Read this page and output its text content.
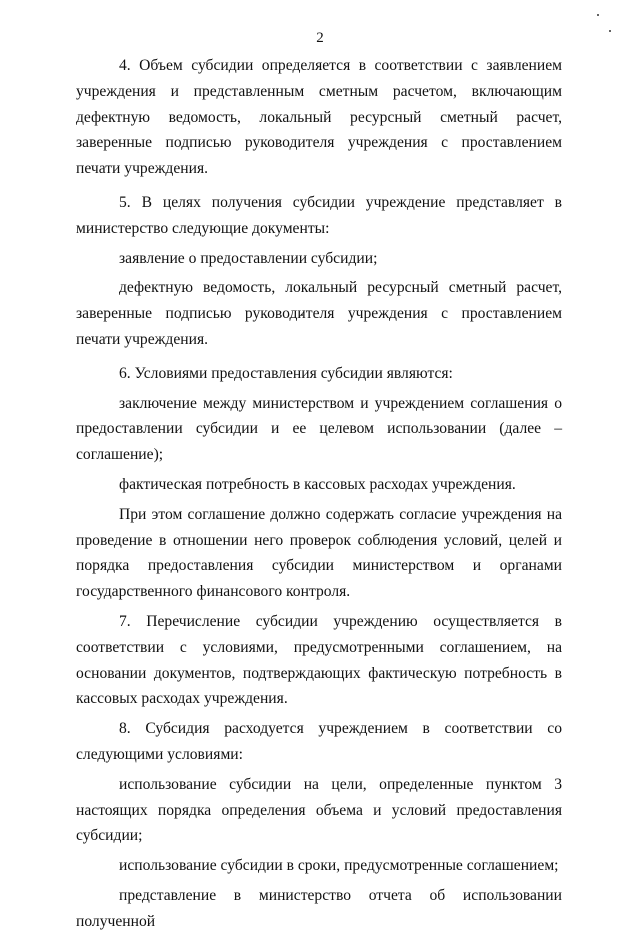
2

4. Объем субсидии определяется в соответствии с заявлением учреждения и представленным сметным расчетом, включающим дефектную ведомость, локальный ресурсный сметный расчет, заверенные подписью руководителя учреждения с проставлением печати учреждения.

5. В целях получения субсидии учреждение представляет в министерство следующие документы:

заявление о предоставлении субсидии;

дефектную ведомость, локальный ресурсный сметный расчет, заверенные подписью руководителя учреждения с проставлением печати учреждения.

6. Условиями предоставления субсидии являются:

заключение между министерством и учреждением соглашения о предоставлении субсидии и ее целевом использовании (далее – соглашение);

фактическая потребность в кассовых расходах учреждения.

При этом соглашение должно содержать согласие учреждения на проведение в отношении него проверок соблюдения условий, целей и порядка предоставления субсидии министерством и органами государственного финансового контроля.

7. Перечисление субсидии учреждению осуществляется в соответствии с условиями, предусмотренными соглашением, на основании документов, подтверждающих фактическую потребность в кассовых расходах учреждения.

8. Субсидия расходуется учреждением в соответствии со следующими условиями:

использование субсидии на цели, определенные пунктом 3 настоящих порядка определения объема и условий предоставления субсидии;

использование субсидии в сроки, предусмотренные соглашением;

представление в министерство отчета об использовании полученной
